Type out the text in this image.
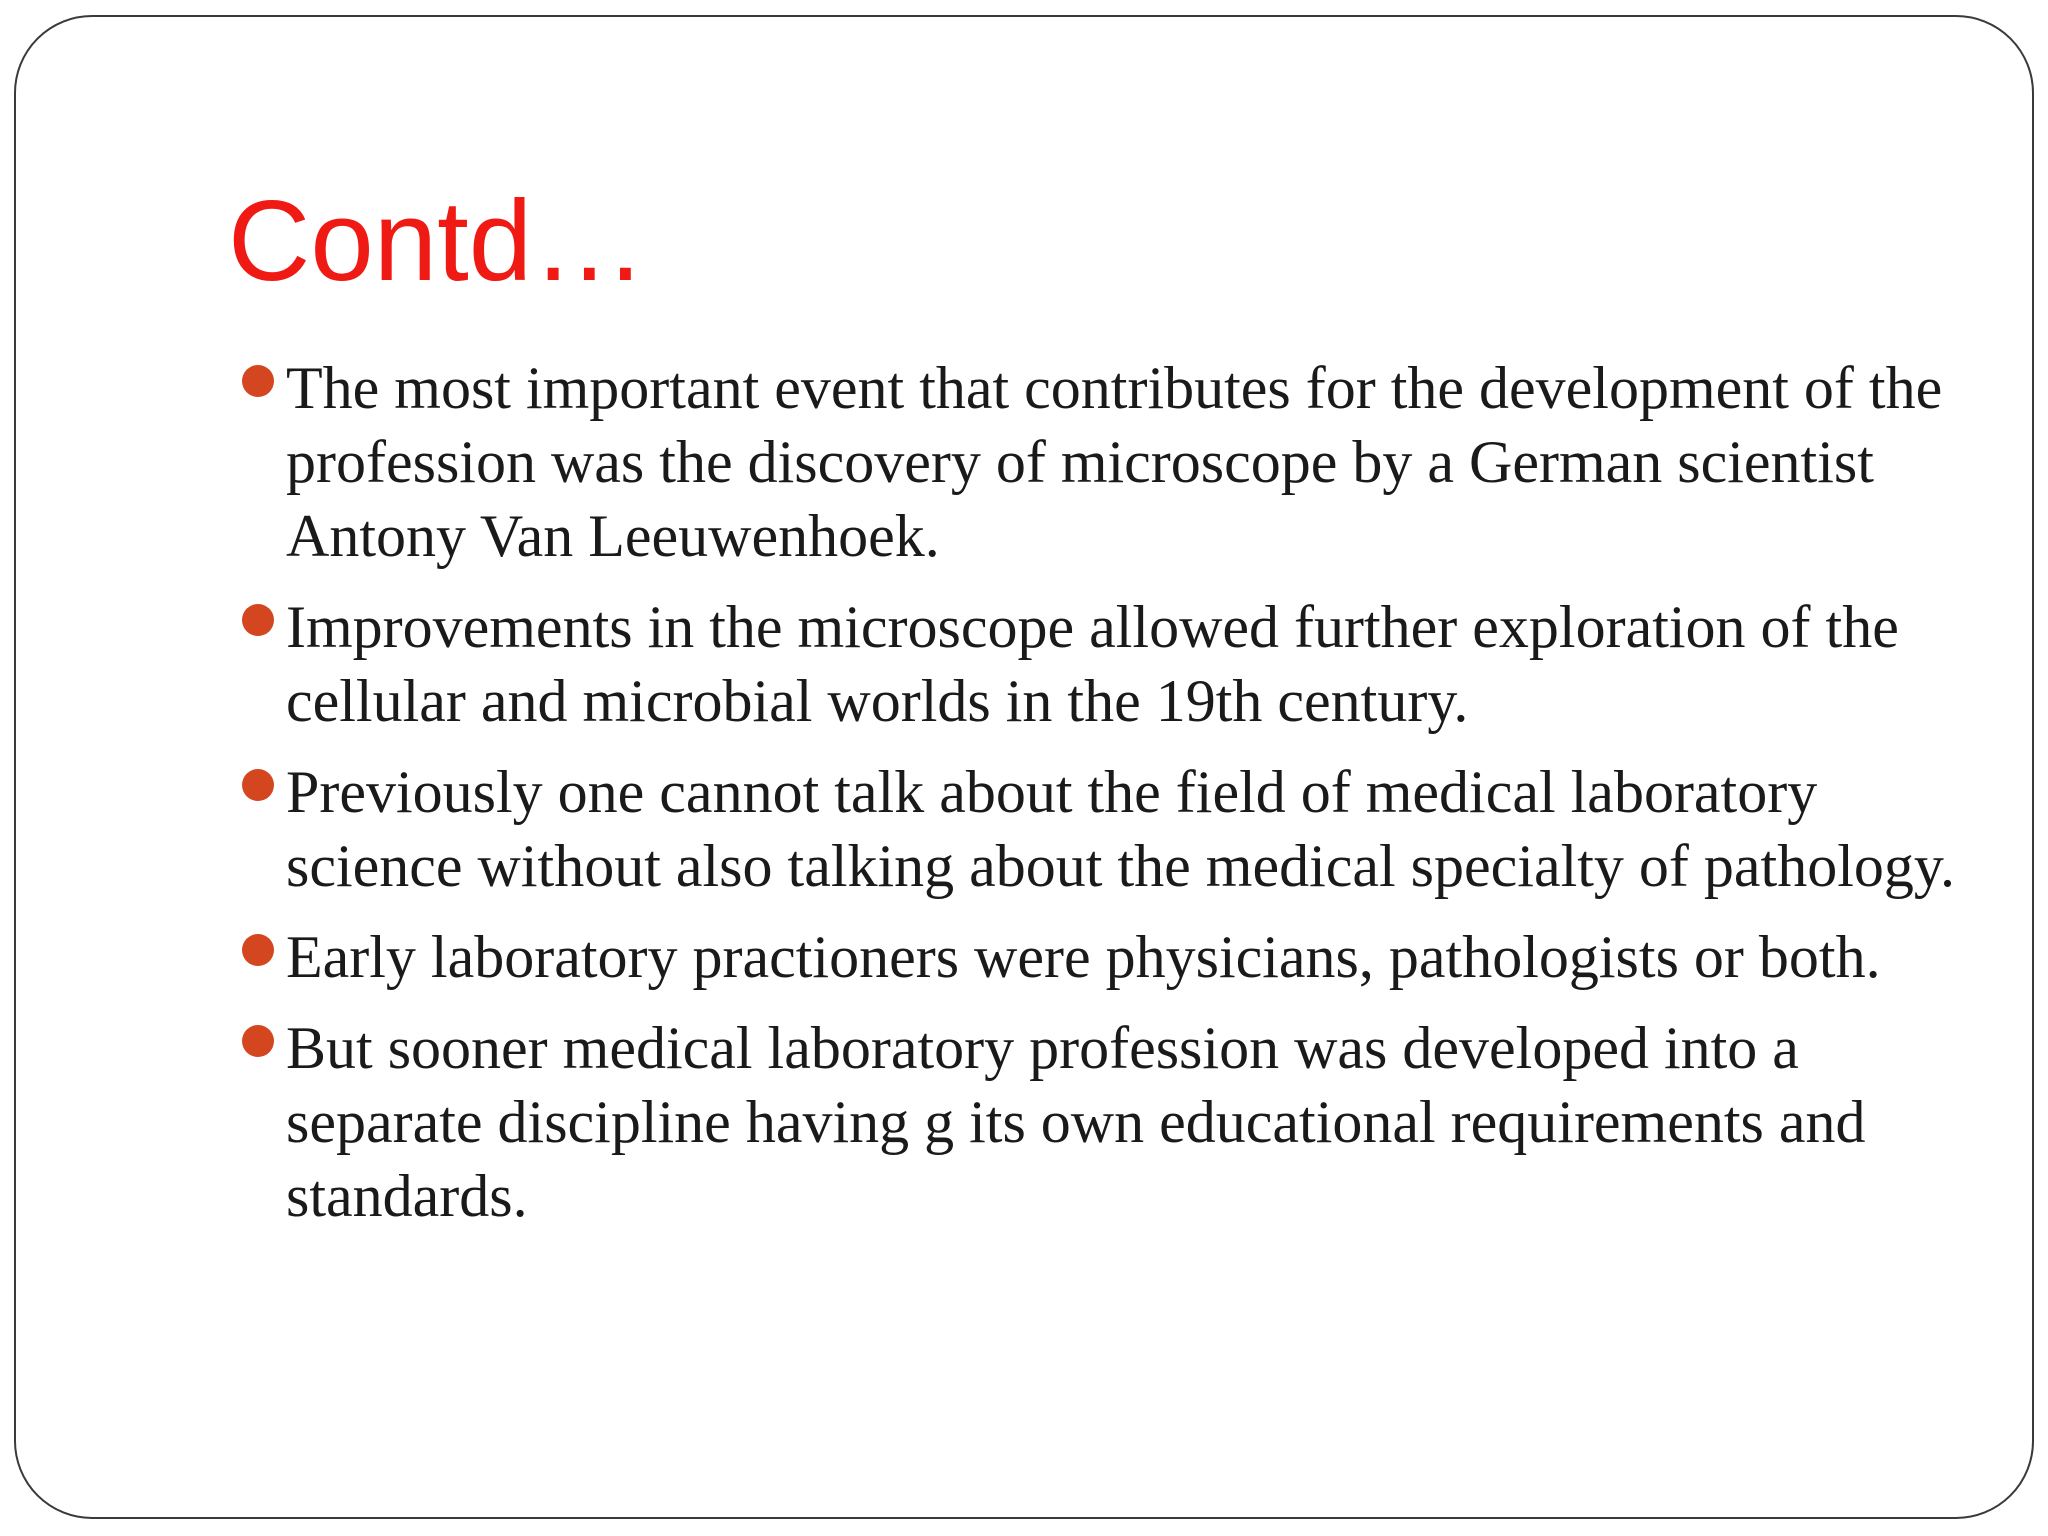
Contd…
The most important event that contributes for the development of the profession was the discovery of microscope by a German scientist Antony Van Leeuwenhoek.
Improvements in the microscope allowed further exploration of the cellular and microbial worlds in the 19th century.
Previously one cannot talk about the field of medical laboratory science without also talking about the medical specialty of pathology.
Early laboratory practioners were physicians, pathologists or both.
But sooner medical laboratory profession was developed into a separate discipline having g its own educational requirements and standards.
